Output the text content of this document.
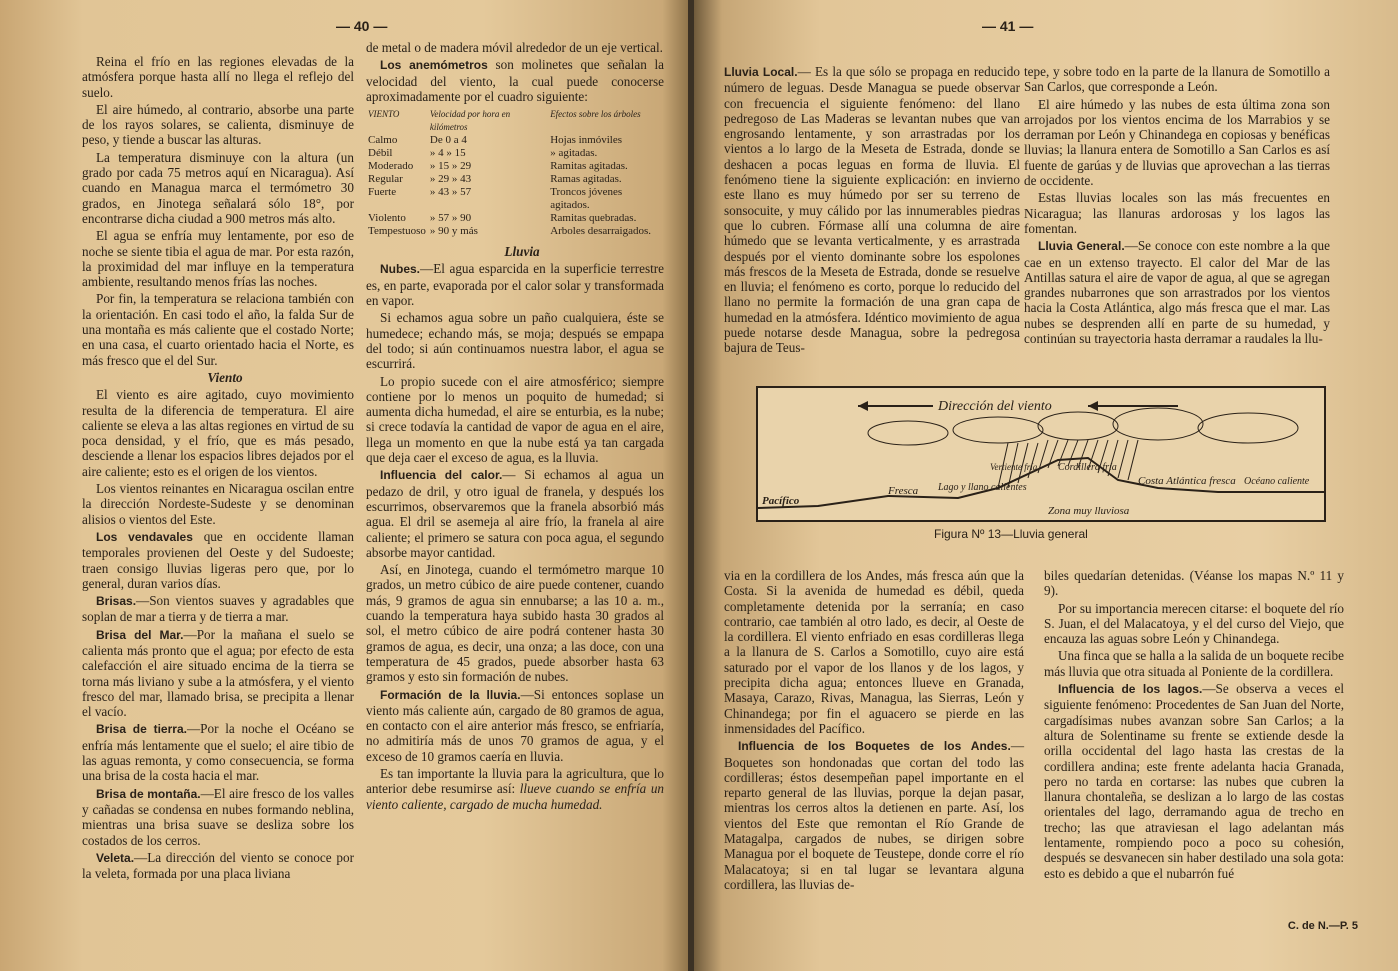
— 40 —

Reina el frío en las regiones elevadas de la atmósfera porque hasta allí no llega el reflejo del suelo.

El aire húmedo, al contrario, absorbe una parte de los rayos solares, se calienta, disminuye de peso, y tiende a buscar las alturas.

La temperatura disminuye con la altura (un grado por cada 75 metros aquí en Nicaragua). Así cuando en Managua marca el termómetro 30 grados, en Jinotega señalará sólo 18°, por encontrarse dicha ciudad a 900 metros más alto.

El agua se enfría muy lentamente, por eso de noche se siente tibia el agua de mar. Por esta razón, la proximidad del mar influye en la temperatura ambiente, resultando menos frías las noches.

Por fin, la temperatura se relaciona también con la orientación. En casi todo el año, la falda Sur de una montaña es más caliente que el costado Norte; en una casa, el cuarto orientado hacia el Norte, es más fresco que el del Sur.

Viento

El viento es aire agitado, cuyo movimiento resulta de la diferencia de temperatura. El aire caliente se eleva a las altas regiones en virtud de su poca densidad, y el frío, que es más pesado, desciende a llenar los espacios libres dejados por el aire caliente; esto es el origen de los vientos.

Los vientos reinantes en Nicaragua oscilan entre la dirección Nordeste-Sudeste y se denominan alisios o vientos del Este.

Los vendavales que en occidente llaman temporales provienen del Oeste y del Sudoeste; traen consigo lluvias ligeras pero que, por lo general, duran varios días.

Brisas.—Son vientos suaves y agradables que soplan de mar a tierra y de tierra a mar.

Brisa del Mar.—Por la mañana el suelo se calienta más pronto que el agua; por efecto de esta calefacción el aire situado encima de la tierra se torna más liviano y sube a la atmósfera, y el viento fresco del mar, llamado brisa, se precipita a llenar el vacío.

Brisa de tierra.—Por la noche el Océano se enfría más lentamente que el suelo; el aire tibio de las aguas remonta, y como consecuencia, se forma una brisa de la costa hacia el mar.

Brisa de montaña.—El aire fresco de los valles y cañadas se condensa en nubes formando neblina, mientras una brisa suave se desliza sobre los costados de los cerros.

Veleta.—La dirección del viento se conoce por la veleta, formada por una placa liviana

de metal o de madera móvil alrededor de un eje vertical.

Los anemómetros son molinetes que señalan la velocidad del viento, la cual puede conocerse aproximadamente por el cuadro siguiente:

VIENTO	Velocidad por hora en kilómetros	Efectos sobre los árboles
Calmo	De 0 a 4	Hojas inmóviles
Débil	» 4 » 15	» agitadas.
Moderado	» 15 » 29	Ramitas agitadas.
Regular	» 29 » 43	Ramas agitadas.
Fuerte	» 43 » 57	Troncos jóvenes agitados.
Violento	» 57 » 90	Ramitas quebradas.
Tempestuoso	» 90 y más	Arboles desarraigados.

Lluvia

Nubes.—El agua esparcida en la superficie terrestre es, en parte, evaporada por el calor solar y transformada en vapor.

Si echamos agua sobre un paño cualquiera, éste se humedece; echando más, se moja; después se empapa del todo; si aún continuamos nuestra labor, el agua se escurrirá.

Lo propio sucede con el aire atmosférico; siempre contiene por lo menos un poquito de humedad; si aumenta dicha humedad, el aire se enturbia, es la nube; si crece todavía la cantidad de vapor de agua en el aire, llega un momento en que la nube está ya tan cargada que deja caer el exceso de agua, es la lluvia.

Influencia del calor.— Si echamos al agua un pedazo de dril, y otro igual de franela, y después los escurrimos, observaremos que la franela absorbió más agua. El dril se asemeja al aire frío, la franela al aire caliente; el primero se satura con poca agua, el segundo absorbe mayor cantidad.

Así, en Jinotega, cuando el termómetro marque 10 grados, un metro cúbico de aire puede contener, cuando más, 9 gramos de agua sin ennubarse; a las 10 a. m., cuando la temperatura haya subido hasta 30 grados al sol, el metro cúbico de aire podrá contener hasta 30 gramos de agua, es decir, una onza; a las doce, con una temperatura de 45 grados, puede absorber hasta 63 gramos y esto sin formación de nubes.

Formación de la lluvia.—Si entonces soplase un viento más caliente aún, cargado de 80 gramos de agua, en contacto con el aire anterior más fresco, se enfriaría, no admitiría más de unos 70 gramos de agua, y el exceso de 10 gramos caería en lluvia.

Es tan importante la lluvia para la agricultura, que lo anterior debe resumirse así: llueve cuando se enfría un viento caliente, cargado de mucha humedad.

— 41 —

Lluvia Local.— Es la que sólo se propaga en reducido número de leguas. Desde Managua se puede observar con frecuencia el siguiente fenómeno: del llano pedregoso de Las Maderas se levantan nubes que van engrosando lentamente, y son arrastradas por los vientos a lo largo de la Meseta de Estrada, donde se deshacen a pocas leguas en forma de lluvia. El fenómeno tiene la siguiente explicación: en invierno este llano es muy húmedo por ser su terreno de sonsocuite, y muy cálido por las innumerables piedras que lo cubren. Fórmase allí una columna de aire húmedo que se levanta verticalmente, y es arrastrada después por el viento dominante sobre los espolones más frescos de la Meseta de Estrada, donde se resuelve en lluvia; el fenómeno es corto, porque lo reducido del llano no permite la formación de una gran capa de humedad en la atmósfera. Idéntico movimiento de agua puede notarse desde Managua, sobre la pedregosa bajura de Teus-

tepe, y sobre todo en la parte de la llanura de Somotillo a San Carlos, que corresponde a León.

El aire húmedo y las nubes de esta última zona son arrojados por los vientos encima de los Marrabios y se derraman por León y Chinandega en copiosas y benéficas lluvias; la llanura entera de Somotillo a San Carlos es así fuente de garúas y de lluvias que aprovechan a las tierras de occidente.

Estas lluvias locales son las más frecuentes en Nicaragua; las llanuras ardorosas y los lagos las fomentan.

Lluvia General.—Se conoce con este nombre a la que cae en un extenso trayecto. El calor del Mar de las Antillas satura el aire de vapor de agua, al que se agregan grandes nubarrones que son arrastrados por los vientos hacia la Costa Atlántica, algo más fresca que el mar. Las nubes se desprenden allí en parte de su humedad, y continúan su trayectoria hasta derramar a raudales la llu-

Dirección del viento
Pacífico
Fresca Lago y llano calientes
Vertiente fría Cordillera fría
Costa Atlántica fresca Océano caliente
Zona muy lluviosa
Figura Nº 13—Lluvia general

via en la cordillera de los Andes, más fresca aún que la Costa. Si la avenida de humedad es débil, queda completamente detenida por la serranía; en caso contrario, cae también al otro lado, es decir, al Oeste de la cordillera. El viento enfriado en esas cordilleras llega a la llanura de S. Carlos a Somotillo, cuyo aire está saturado por el vapor de los llanos y de los lagos, y precipita dicha agua; entonces llueve en Granada, Masaya, Carazo, Rivas, Managua, las Sierras, León y Chinandega; por fin el aguacero se pierde en las inmensidades del Pacífico.

Influencia de los Boquetes de los Andes.—Boquetes son hondonadas que cortan del todo las cordilleras; éstos desempeñan papel importante en el reparto general de las lluvias, porque la dejan pasar, mientras los cerros altos la detienen en parte. Así, los vientos del Este que remontan el Río Grande de Matagalpa, cargados de nubes, se dirigen sobre Managua por el boquete de Teustepe, donde corre el río Malacatoya; si en tal lugar se levantara alguna cordillera, las lluvias de-

biles quedarían detenidas. (Véanse los mapas N.º 11 y 9).

Por su importancia merecen citarse: el boquete del río S. Juan, el del Malacatoya, y el del curso del Viejo, que encauza las aguas sobre León y Chinandega.

Una finca que se halla a la salida de un boquete recibe más lluvia que otra situada al Poniente de la cordillera.

Influencia de los lagos.—Se observa a veces el siguiente fenómeno: Procedentes de San Juan del Norte, cargadísimas nubes avanzan sobre San Carlos; a la altura de Solentiname su frente se extiende desde la orilla occidental del lago hasta las crestas de la cordillera andina; este frente adelanta hacia Granada, pero no tarda en cortarse: las nubes que cubren la llanura chontaleña, se deslizan a lo largo de las costas orientales del lago, derramando agua de trecho en trecho; las que atraviesan el lago adelantan más lentamente, rompiendo poco a poco su cohesión, después se desvanecen sin haber destilado una sola gota: esto es debido a que el nubarrón fué

C. de N.—P. 5
